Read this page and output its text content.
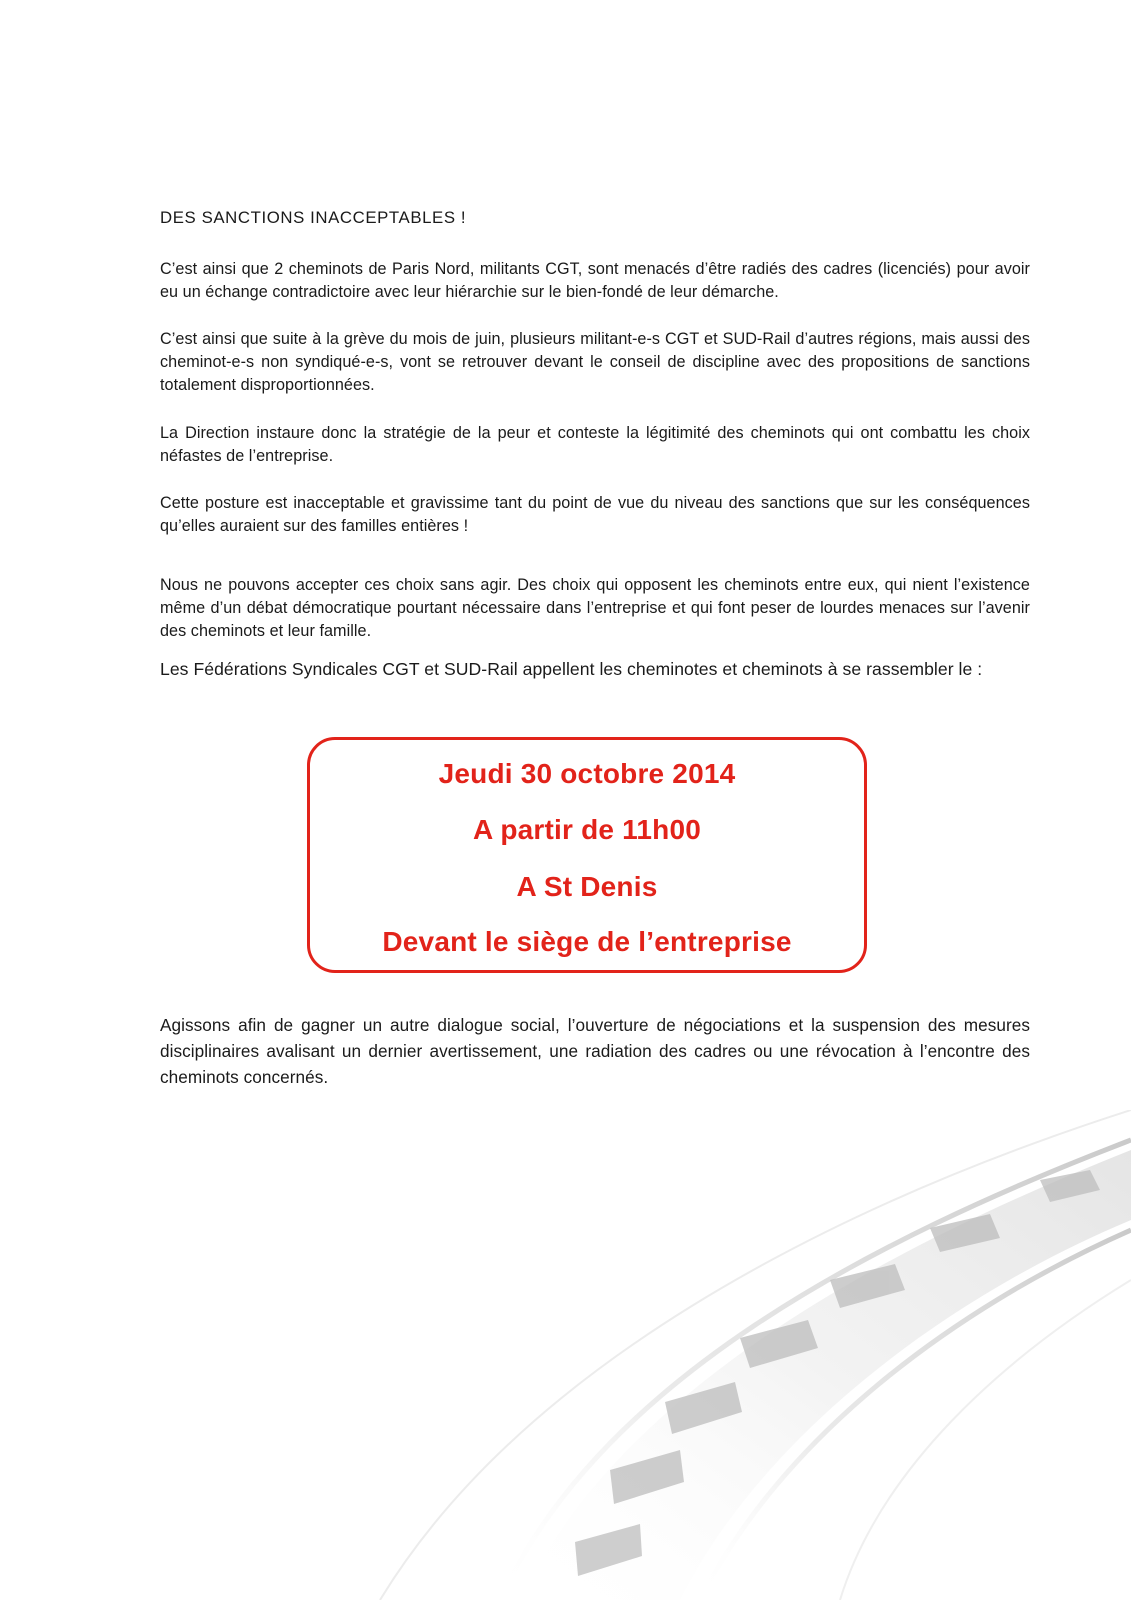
DES SANCTIONS INACCEPTABLES !
C’est ainsi que 2 cheminots de Paris Nord, militants CGT, sont menacés d’être radiés des cadres (licenciés) pour avoir eu un échange contradictoire avec leur hiérarchie sur le bien-fondé de leur démarche.
C’est ainsi que suite à la grève du mois de juin, plusieurs militant-e-s CGT et SUD-Rail d’autres régions, mais aussi des cheminot-e-s non syndiqué-e-s, vont se retrouver devant le conseil de discipline avec des propositions de sanctions totalement disproportionnées.
La Direction instaure donc la stratégie de la peur et conteste la légitimité des cheminots qui ont combattu les choix néfastes de l’entreprise.
Cette posture est inacceptable et gravissime tant du point de vue du niveau des sanctions que sur les conséquences qu’elles auraient sur des familles entières !
Nous ne pouvons accepter ces choix sans agir. Des choix qui opposent les cheminots entre eux, qui nient l’existence même d’un débat démocratique pourtant nécessaire dans l’entreprise et qui font peser de lourdes menaces sur l’avenir des cheminots et leur famille.
Les Fédérations Syndicales CGT et SUD-Rail appellent les cheminotes et cheminots à se rassembler le :
Jeudi 30 octobre 2014
A partir de 11h00
A St Denis
Devant le siège de l’entreprise
Agissons afin de gagner un autre dialogue social, l’ouverture de négociations et la suspension des mesures disciplinaires avalisant un dernier avertissement, une radiation des cadres ou une révocation à l’encontre des cheminots concernés.
